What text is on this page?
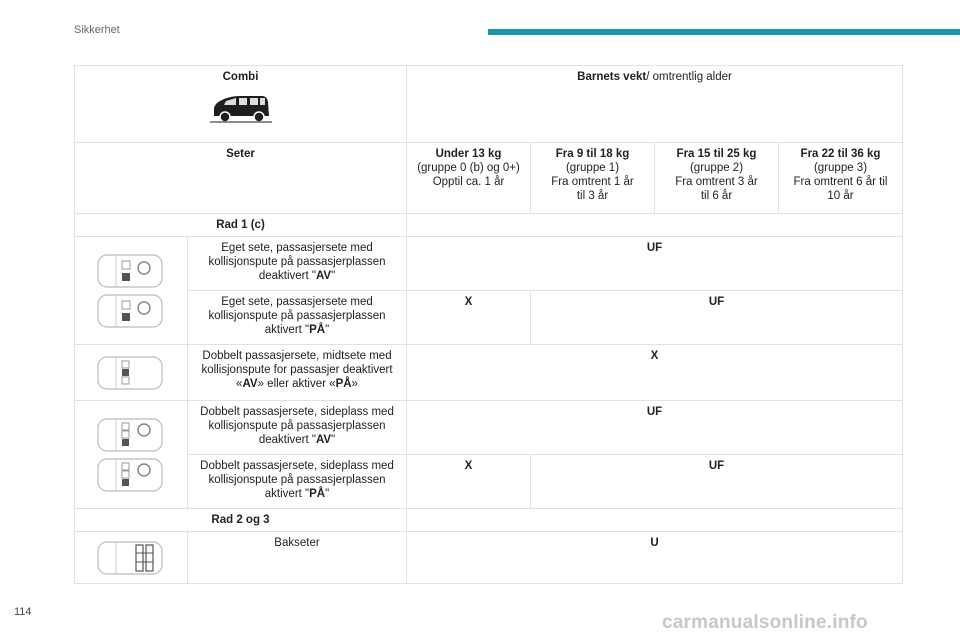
Sikkerhet
Combi		Barnets vekt/ omtrentlig alder			
Seter		Under 13 kg
(gruppe 0 (b) og 0+)
Opptil ca. 1 år	Fra 9 til 18 kg
(gruppe 1)
Fra omtrent 1 år
til 3 år	Fra 15 til 25 kg
(gruppe 2)
Fra omtrent 3 år
til 6 år	Fra 22 til 36 kg
(gruppe 3)
Fra omtrent 6 år til
10 år
Rad 1 (c)					

	Eget sete, passasjersete med kollisjonspute på passasjerplassen deaktivert "AV"	UF			
	Eget sete, passasjersete med kollisjonspute på passasjerplassen aktivert "PÅ"	X	UF		

	Dobbelt passasjersete, midtsete med kollisjonspute for passasjer deaktivert «AV» eller aktiver «PÅ»	X			

	Dobbelt passasjersete, sideplass med kollisjonspute på passasjerplassen deaktivert "AV"	UF			
	Dobbelt passasjersete, sideplass med kollisjonspute på passasjerplassen aktivert "PÅ"	X	UF		
Rad 2 og 3					

	Bakseter	U			
114	carmanualsonline.info
